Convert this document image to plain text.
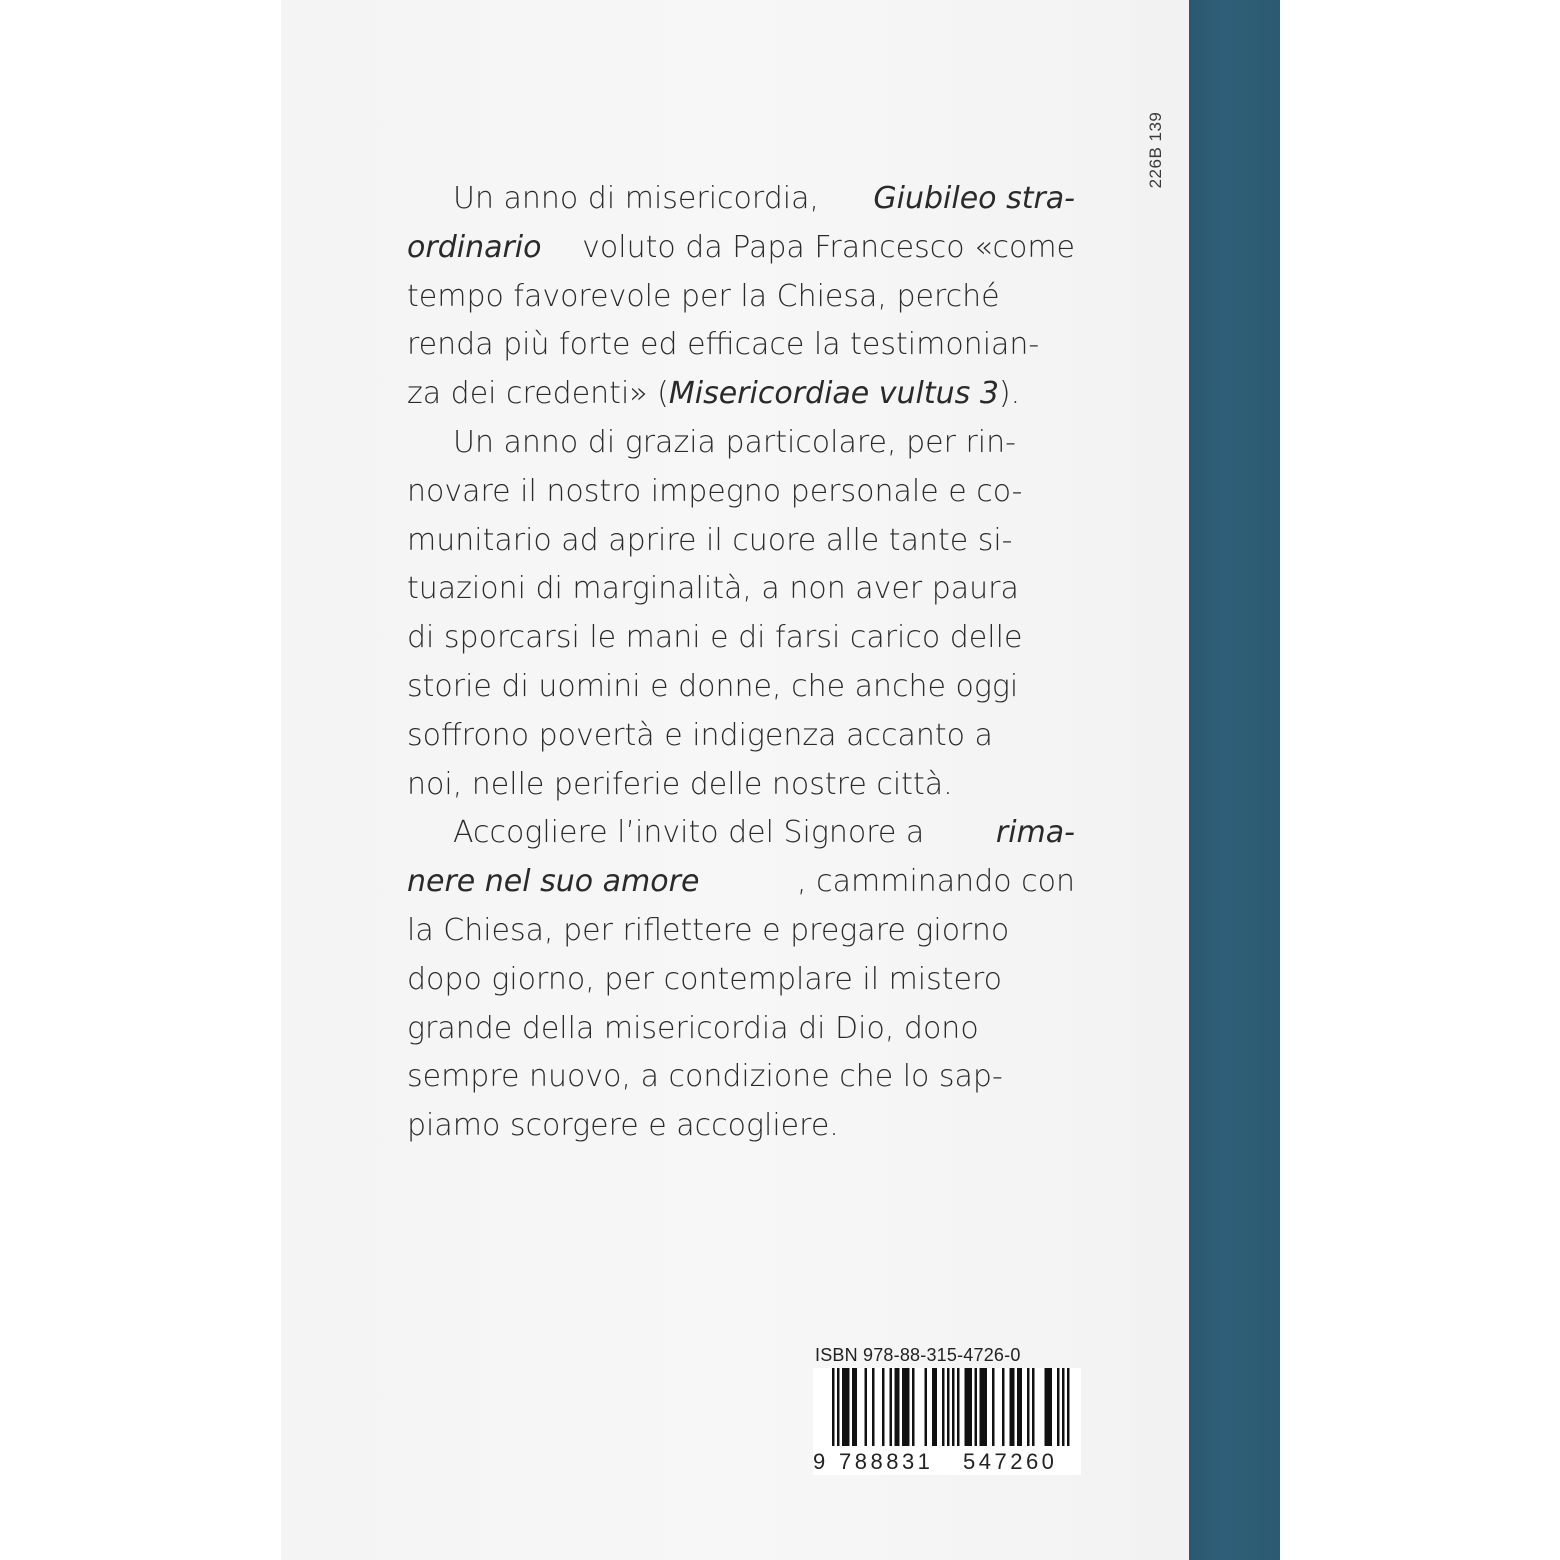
226B 139
Un anno di misericordia, Giubileo stra-
ordinario voluto da Papa Francesco «come
tempo favorevole per la Chiesa, perché
renda più forte ed efficace la testimonian-
za dei credenti» ( Misericordiae vultus 3 ).
Un anno di grazia particolare, per rin-
novare il nostro impegno personale e co-
munitario ad aprire il cuore alle tante si-
tuazioni di marginalità, a non aver paura
di sporcarsi le mani e di farsi carico delle
storie di uomini e donne, che anche oggi
soffrono povertà e indigenza accanto a
noi, nelle periferie delle nostre città.
Accogliere l’invito del Signore a rima-
nere nel suo amore	, camminando con
la Chiesa, per riflettere e pregare giorno
dopo giorno, per contemplare il mistero
grande della misericordia di Dio, dono
sempre nuovo, a condizione che lo sap-
piamo scorgere e accogliere.
ISBN 978-88-315-4726-0
9 788831 547260
